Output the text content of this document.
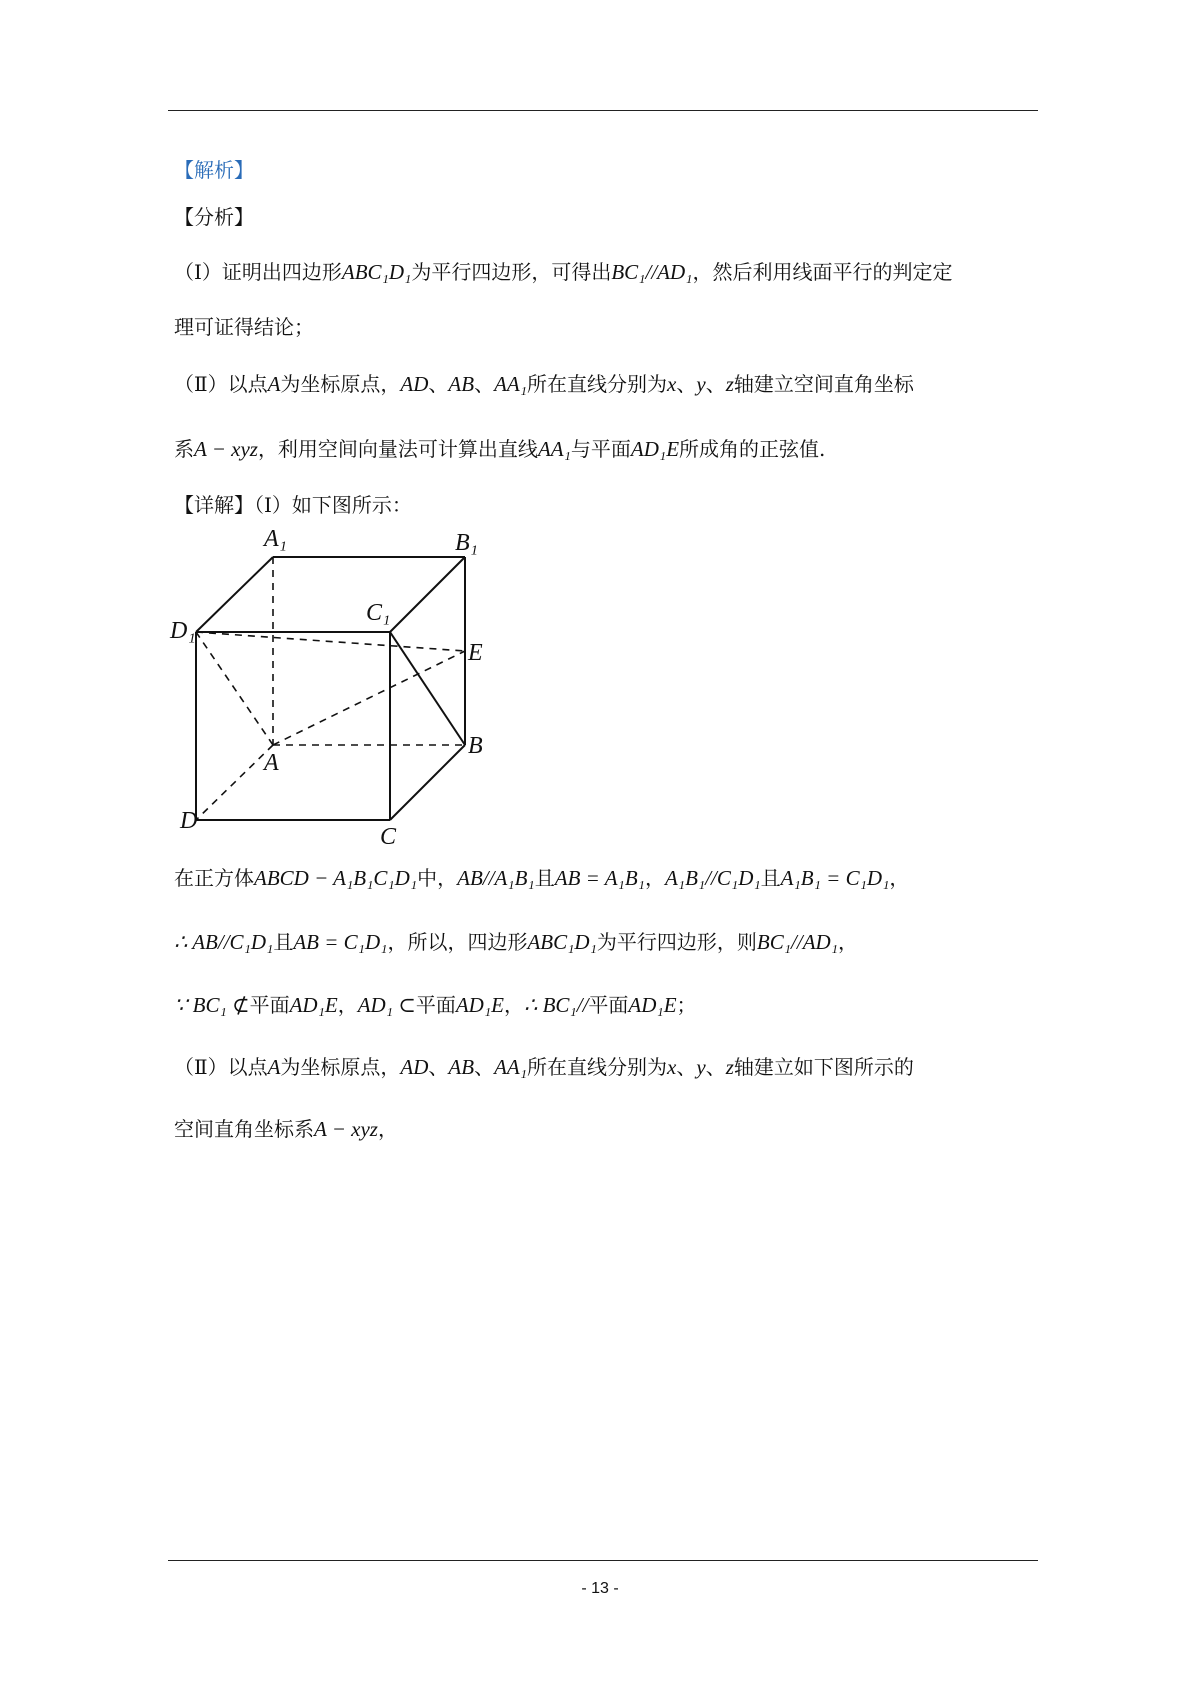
【解析】
【分析】
（Ⅰ）证明出四边形ABC₁D₁为平行四边形，可得出BC₁//AD₁，然后利用线面平行的判定定
理可证得结论；
（Ⅱ）以点A为坐标原点，AD、AB、AA₁所在直线分别为x、y、z轴建立空间直角坐标
系A − xyz，利用空间向量法可计算出直线AA₁与平面AD₁E所成角的正弦值.
【详解】（Ⅰ）如下图所示：
A₁	B₁
C₁
D₁
E
A
B
D
C
在正方体ABCD − A₁B₁C₁D₁中，AB//A₁B₁且AB = A₁B₁，A₁B₁//C₁D₁且A₁B₁ = C₁D₁，
∴ AB//C₁D₁且AB = C₁D₁，所以，四边形ABC₁D₁为平行四边形，则BC₁//AD₁，
∵ BC₁ ⊄平面AD₁E，AD₁ ⊂平面AD₁E，∴ BC₁//平面AD₁E；
（Ⅱ）以点A为坐标原点，AD、AB、AA₁所在直线分别为x、y、z轴建立如下图所示的
空间直角坐标系A − xyz，
- 13 -
